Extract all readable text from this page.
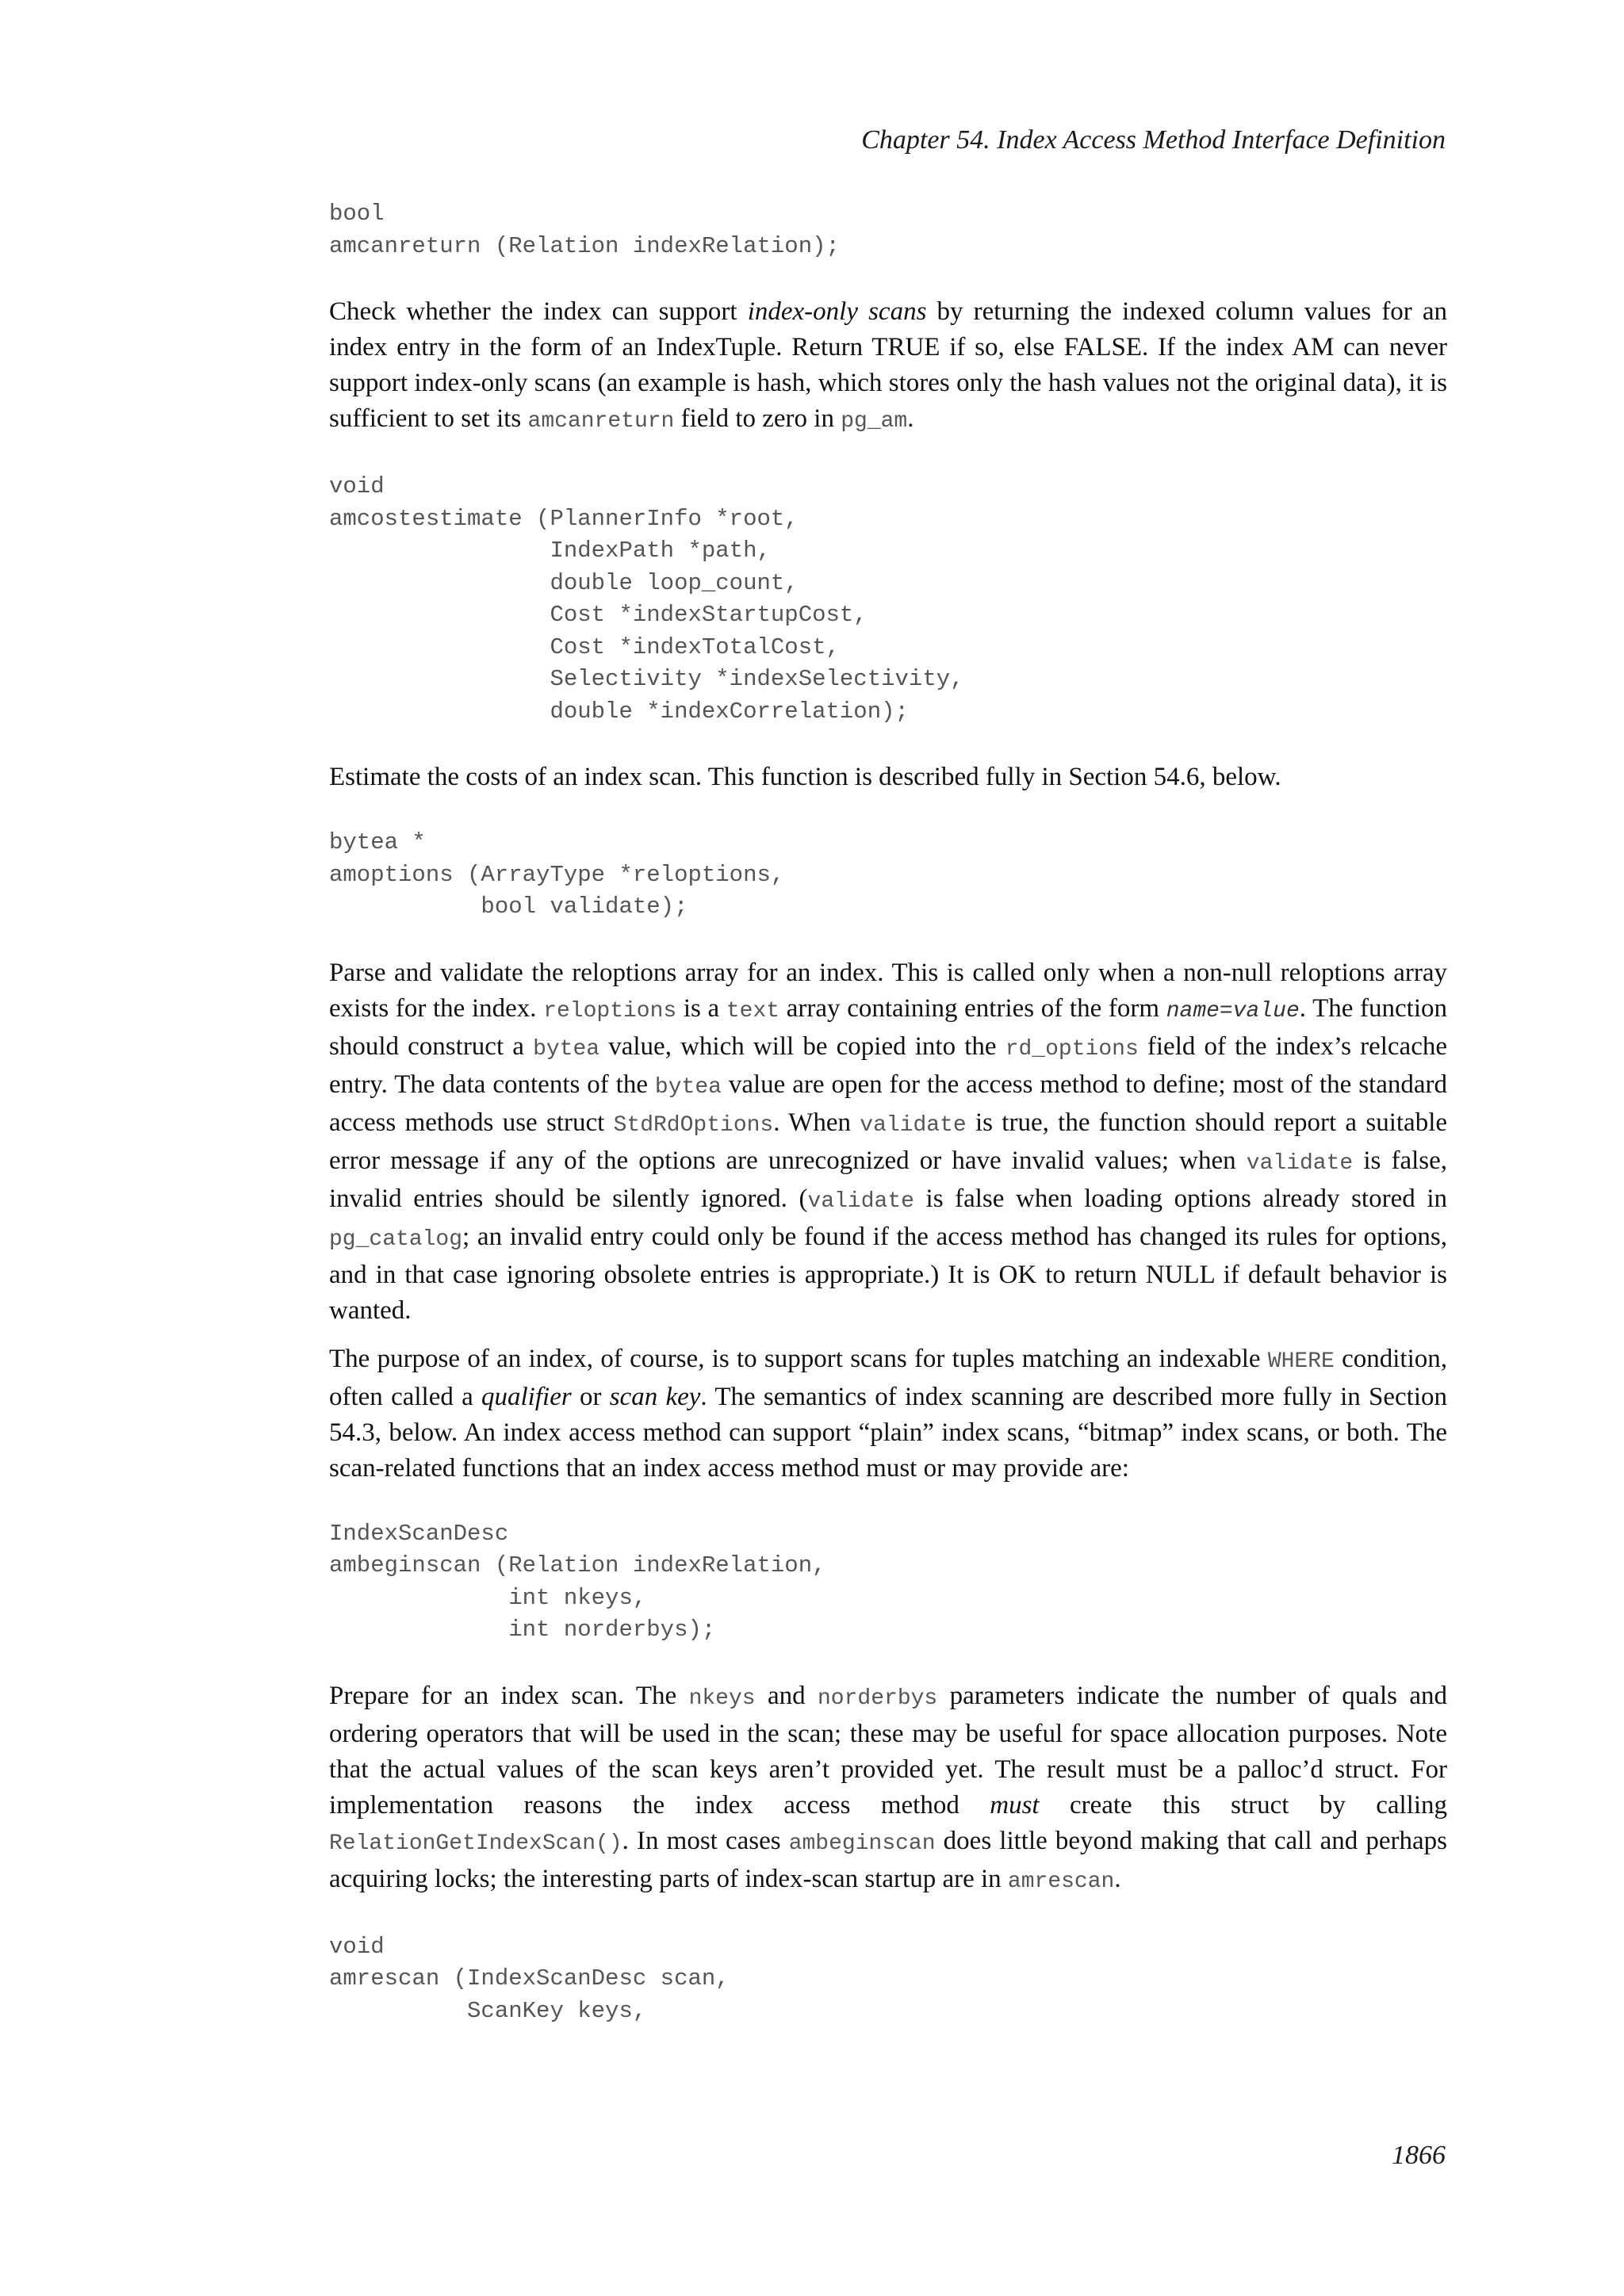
Chapter 54. Index Access Method Interface Definition
bool
amcanreturn (Relation indexRelation);

Check whether the index can support index-only scans by returning the indexed column values for an index entry in the form of an IndexTuple. Return TRUE if so, else FALSE. If the index AM can never support index-only scans (an example is hash, which stores only the hash values not the original data), it is sufficient to set its amcanreturn field to zero in pg_am.

void
amcostestimate (PlannerInfo *root,
IndexPath *path,
double loop_count,
Cost *indexStartupCost,
Cost *indexTotalCost,
Selectivity *indexSelectivity,
double *indexCorrelation);

Estimate the costs of an index scan. This function is described fully in Section 54.6, below.

bytea *
amoptions (ArrayType *reloptions,
bool validate);

Parse and validate the reloptions array for an index. This is called only when a non-null reloptions array exists for the index. reloptions is a text array containing entries of the form name=value. The function should construct a bytea value, which will be copied into the rd_options field of the index’s relcache entry. The data contents of the bytea value are open for the access method to define; most of the standard access methods use struct StdRdOptions. When validate is true, the function should report a suitable error message if any of the options are unrecognized or have invalid values; when validate is false, invalid entries should be silently ignored. (validate is false when loading options already stored in pg_catalog; an invalid entry could only be found if the access method has changed its rules for options, and in that case ignoring obsolete entries is appropriate.) It is OK to return NULL if default behavior is wanted.

The purpose of an index, of course, is to support scans for tuples matching an indexable WHERE condition, often called a qualifier or scan key. The semantics of index scanning are described more fully in Section 54.3, below. An index access method can support “plain” index scans, “bitmap” index scans, or both. The scan-related functions that an index access method must or may provide are:

IndexScanDesc
ambeginscan (Relation indexRelation,
int nkeys,
int norderbys);

Prepare for an index scan. The nkeys and norderbys parameters indicate the number of quals and ordering operators that will be used in the scan; these may be useful for space allocation purposes. Note that the actual values of the scan keys aren’t provided yet. The result must be a palloc’d struct. For implementation reasons the index access method must create this struct by calling RelationGetIndexScan(). In most cases ambeginscan does little beyond making that call and perhaps acquiring locks; the interesting parts of index-scan startup are in amrescan.

void
amrescan (IndexScanDesc scan,
ScanKey keys,
1866
